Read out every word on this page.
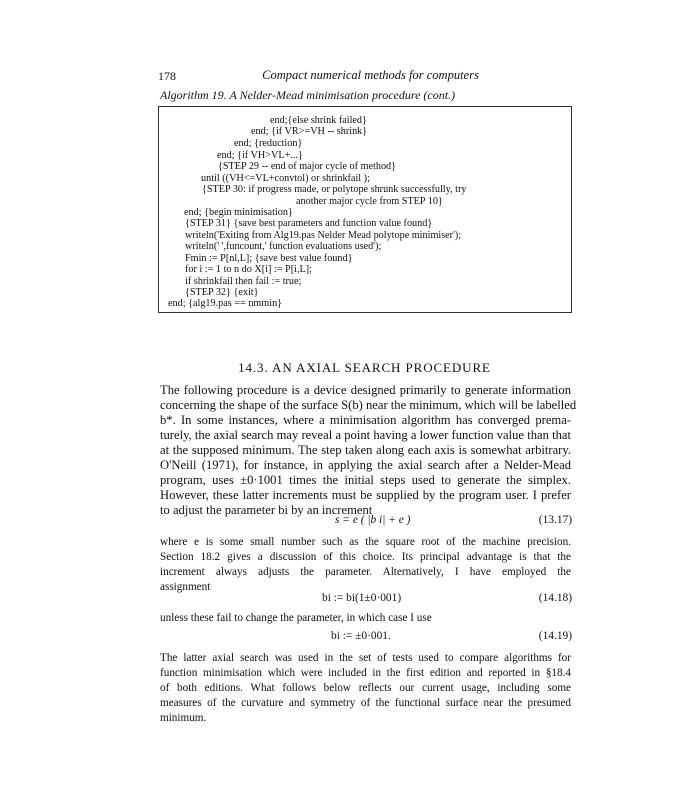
178	Compact numerical methods for computers
Algorithm 19. A Nelder-Mead minimisation procedure (cont.)
end;{else shrink failed}
end; {if VR>=VH -- shrink}
end; {reduction}
end; {if VH>VL+...}
{STEP 29 -- end of major cycle of method}
until ((VH<=VL+convtol) or shrinkfail );
{STEP 30: if progress made, or polytope shrunk successfully, try
another major cycle from STEP 10}
end; {begin minimisation}
{STEP 31} {save best parameters and function value found}
writeln('Exiting from Alg19.pas Nelder Mead polytope minimiser');
writeln(' ',funcount,' function evaluations used');
Fmin := P[nl,L]; {save best value found}
for i := 1 to n do X[i] := P[i,L];
if shrinkfail then fail := true;
{STEP 32} {exit}
end; {alg19.pas == nmmin}
14.3. AN AXIAL SEARCH PROCEDURE
The following procedure is a device designed primarily to generate information
concerning the shape of the surface S(b) near the minimum, which will be labelled
b*. In some instances, where a minimisation algorithm has converged prema-
turely, the axial search may reveal a point having a lower function value than that
at the supposed minimum. The step taken along each axis is somewhat arbitrary.
O'Neill (1971), for instance, in applying the axial search after a Nelder-Mead
program, uses ±0·1001 times the initial steps used to generate the simplex.
However, these latter increments must be supplied by the program user. I prefer
to adjust the parameter bi by an increment
s = e ( |b i| + e )	(13.17)
where e is some small number such as the square root of the machine precision.
Section 18.2 gives a discussion of this choice. Its principal advantage is that the
increment always adjusts the parameter. Alternatively, I have employed the
assignment
bi := bi(1±0·001)	(14.18)
unless these fail to change the parameter, in which case I use
bi := ±0·001.	(14.19)
The latter axial search was used in the set of tests used to compare algorithms for
function minimisation which were included in the first edition and reported in §18.4
of both editions. What follows below reflects our current usage, including some
measures of the curvature and symmetry of the functional surface near the presumed
minimum.
